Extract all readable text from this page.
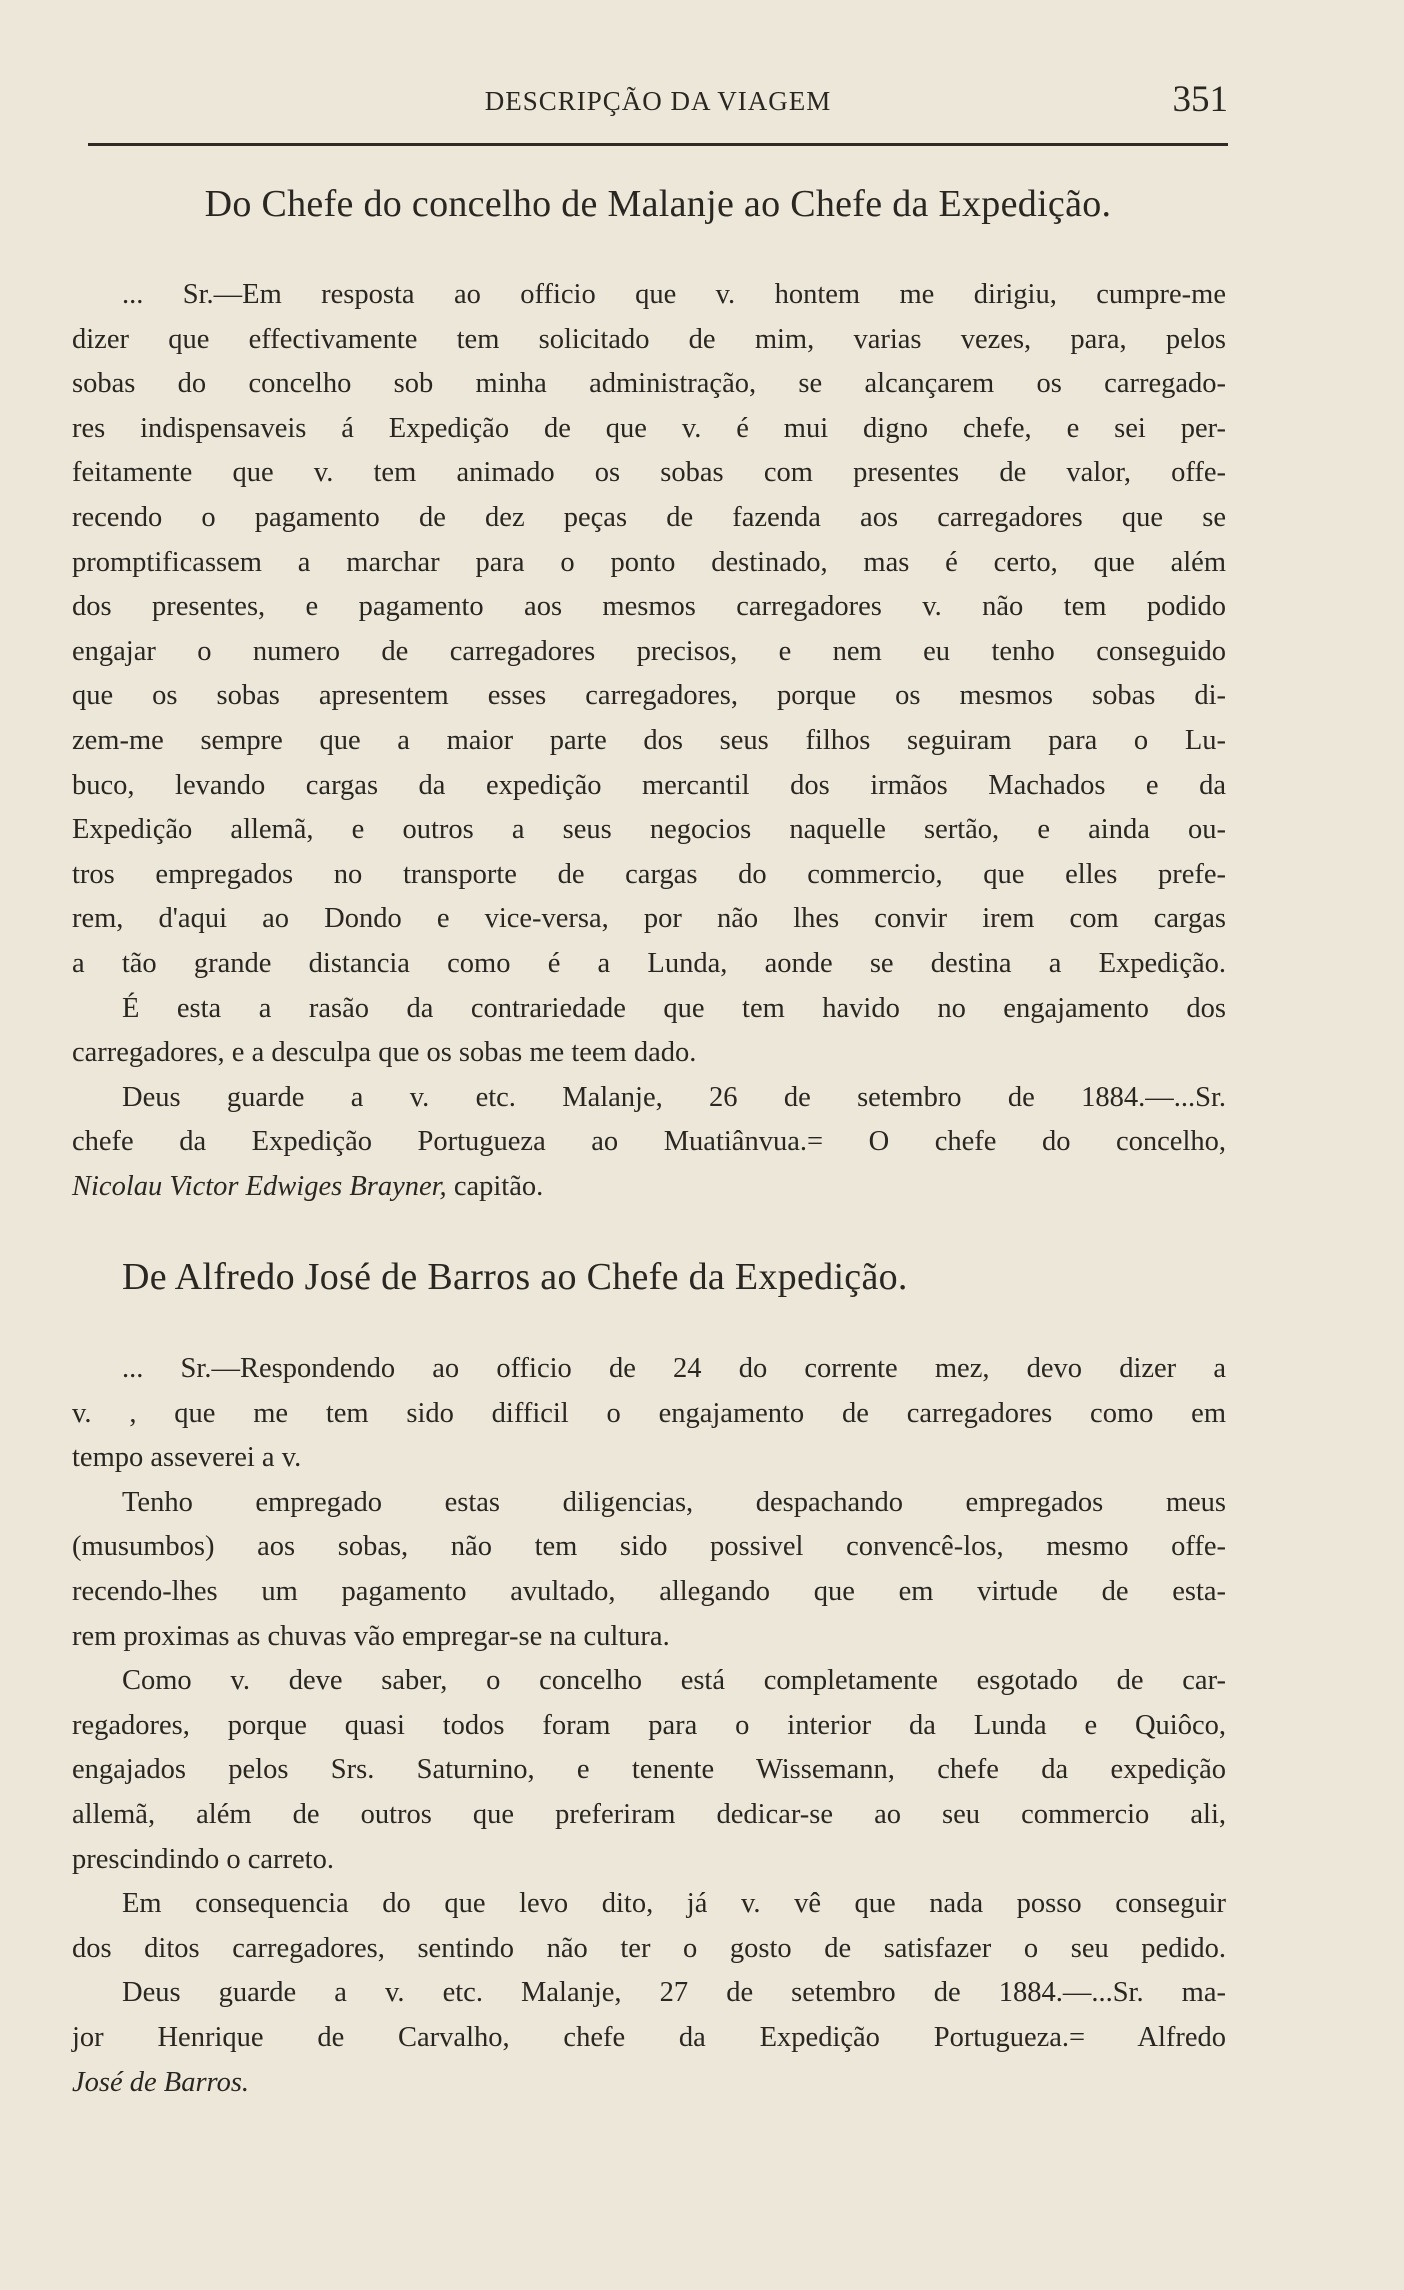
DESCRIPÇÃO DA VIAGEM	351
Do Chefe do concelho de Malanje ao Chefe da Expedição.
... Sr.—Em resposta ao officio que v. hontem me dirigiu, cumpre-me
dizer que effectivamente tem solicitado de mim, varias vezes, para, pelos
sobas do concelho sob minha administração, se alcançarem os carregado-
res indispensaveis á Expedição de que v. é mui digno chefe, e sei per-
feitamente que v. tem animado os sobas com presentes de valor, offe-
recendo o pagamento de dez peças de fazenda aos carregadores que se
promptificassem a marchar para o ponto destinado, mas é certo, que além
dos presentes, e pagamento aos mesmos carregadores v. não tem podido
engajar o numero de carregadores precisos, e nem eu tenho conseguido
que os sobas apresentem esses carregadores, porque os mesmos sobas di-
zem-me sempre que a maior parte dos seus filhos seguiram para o Lu-
buco, levando cargas da expedição mercantil dos irmãos Machados e da
Expedição allemã, e outros a seus negocios naquelle sertão, e ainda ou-
tros empregados no transporte de cargas do commercio, que elles prefe-
rem, d'aqui ao Dondo e vice-versa, por não lhes convir irem com cargas
a tão grande distancia como é a Lunda, aonde se destina a Expedição.
É esta a rasão da contrariedade que tem havido no engajamento dos
carregadores, e a desculpa que os sobas me teem dado.
Deus guarde a v. etc. Malanje, 26 de setembro de 1884.—...Sr.
chefe da Expedição Portugueza ao Muatiânvua.= O chefe do concelho,
Nicolau Victor Edwiges Brayner, capitão.
De Alfredo José de Barros ao Chefe da Expedição.
... Sr.—Respondendo ao officio de 24 do corrente mez, devo dizer a
v. , que me tem sido difficil o engajamento de carregadores como em
tempo asseverei a v.
Tenho empregado estas diligencias, despachando empregados meus
(musumbos) aos sobas, não tem sido possivel convencê-los, mesmo offe-
recendo-lhes um pagamento avultado, allegando que em virtude de esta-
rem proximas as chuvas vão empregar-se na cultura.
Como v. deve saber, o concelho está completamente esgotado de car-
regadores, porque quasi todos foram para o interior da Lunda e Quiôco,
engajados pelos Srs. Saturnino, e tenente Wissemann, chefe da expedição
allemã, além de outros que preferiram dedicar-se ao seu commercio ali,
prescindindo o carreto.
Em consequencia do que levo dito, já v. vê que nada posso conseguir
dos ditos carregadores, sentindo não ter o gosto de satisfazer o seu pedido.
Deus guarde a v. etc. Malanje, 27 de setembro de 1884.—...Sr. ma-
jor Henrique de Carvalho, chefe da Expedição Portugueza.= Alfredo
José de Barros.
